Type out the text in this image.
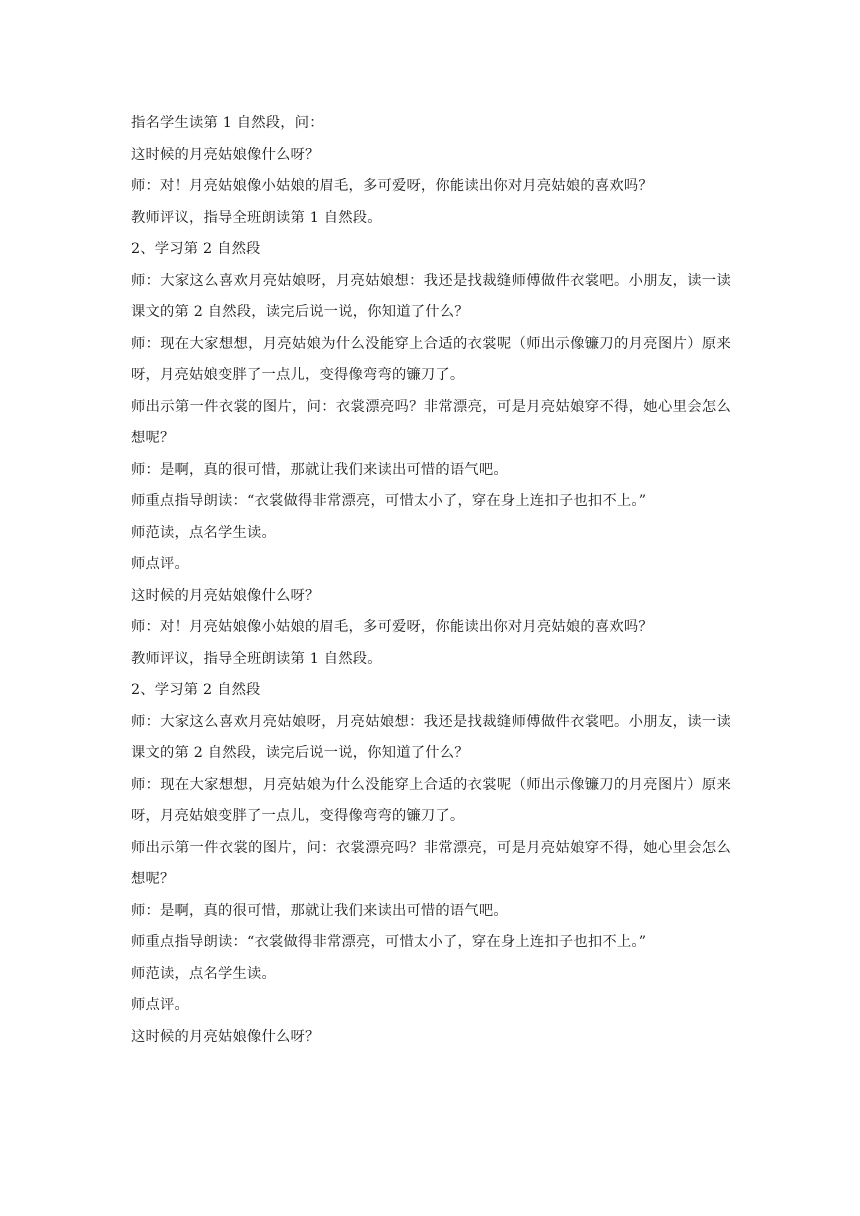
指名学生读第 1 自然段，问：

这时候的月亮姑娘像什么呀？

师：对！月亮姑娘像小姑娘的眉毛，多可爱呀，你能读出你对月亮姑娘的喜欢吗？

教师评议，指导全班朗读第 1 自然段。

2、学习第 2 自然段

师：大家这么喜欢月亮姑娘呀，月亮姑娘想：我还是找裁缝师傅做件衣裳吧。小朋友，读一读课文的第 2 自然段，读完后说一说，你知道了什么？

师：现在大家想想，月亮姑娘为什么没能穿上合适的衣裳呢（师出示像镰刀的月亮图片）原来呀，月亮姑娘变胖了一点儿，变得像弯弯的镰刀了。

师出示第一件衣裳的图片，问：衣裳漂亮吗？非常漂亮，可是月亮姑娘穿不得，她心里会怎么想呢？

师：是啊，真的很可惜，那就让我们来读出可惜的语气吧。

师重点指导朗读：“衣裳做得非常漂亮，可惜太小了，穿在身上连扣子也扣不上。”

师范读，点名学生读。

师点评。

这时候的月亮姑娘像什么呀？

师：对！月亮姑娘像小姑娘的眉毛，多可爱呀，你能读出你对月亮姑娘的喜欢吗？

教师评议，指导全班朗读第 1 自然段。

2、学习第 2 自然段

师：大家这么喜欢月亮姑娘呀，月亮姑娘想：我还是找裁缝师傅做件衣裳吧。小朋友，读一读课文的第 2 自然段，读完后说一说，你知道了什么？

师：现在大家想想，月亮姑娘为什么没能穿上合适的衣裳呢（师出示像镰刀的月亮图片）原来呀，月亮姑娘变胖了一点儿，变得像弯弯的镰刀了。

师出示第一件衣裳的图片，问：衣裳漂亮吗？非常漂亮，可是月亮姑娘穿不得，她心里会怎么想呢？

师：是啊，真的很可惜，那就让我们来读出可惜的语气吧。

师重点指导朗读：“衣裳做得非常漂亮，可惜太小了，穿在身上连扣子也扣不上。”

师范读，点名学生读。

师点评。

这时候的月亮姑娘像什么呀？
